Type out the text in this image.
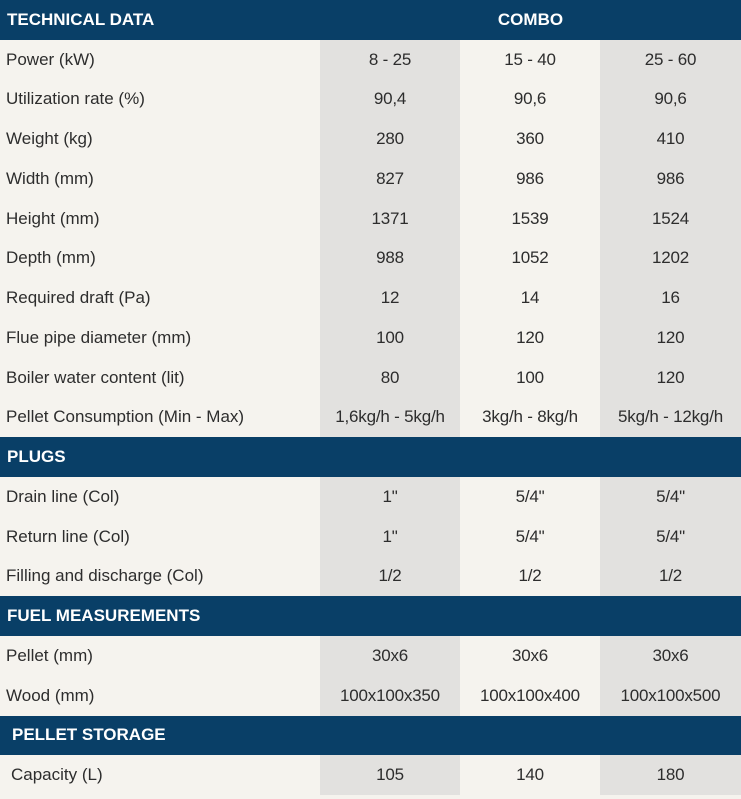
TECHNICAL DATA	COMBO
Power (kW)	8 - 25	15 - 40	25 - 60
Utilization rate (%)	90,4	90,6	90,6
Weight (kg)	280	360	410
Width (mm)	827	986	986
Height (mm)	1371	1539	1524
Depth (mm)	988	1052	1202
Required draft (Pa)	12	14	16
Flue pipe diameter (mm)	100	120	120
Boiler water content (lit)	80	100	120
Pellet Consumption (Min - Max)	1,6kg/h - 5kg/h	3kg/h - 8kg/h	5kg/h - 12kg/h
PLUGS
Drain line (Col)	1"	5/4"	5/4"
Return line (Col)	1"	5/4"	5/4"
Filling and discharge (Col)	1/2	1/2	1/2
FUEL MEASUREMENTS
Pellet (mm)	30x6	30x6	30x6
Wood (mm)	100x100x350	100x100x400	100x100x500
PELLET STORAGE
Capacity (L)	105	140	180
